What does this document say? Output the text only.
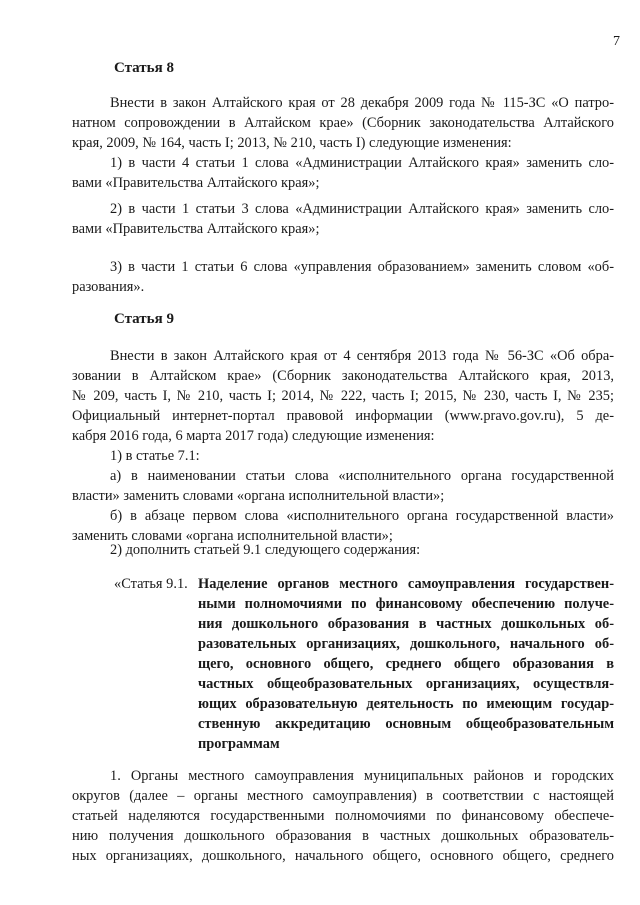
7
Статья 8
Внести в закон Алтайского края от 28 декабря 2009 года № 115-ЗС «О патро-
натном сопровождении в Алтайском крае» (Сборник законодательства Алтайского
края, 2009, № 164, часть I; 2013, № 210, часть I) следующие изменения:
1) в части 4 статьи 1 слова «Администрации Алтайского края» заменить сло-
вами «Правительства Алтайского края»;
2) в части 1 статьи 3 слова «Администрации Алтайского края» заменить сло-
вами «Правительства Алтайского края»;
3) в части 1 статьи 6 слова «управления образованием» заменить словом «об-
разования».
Статья 9
Внести в закон Алтайского края от 4 сентября 2013 года № 56-ЗС «Об обра-
зовании в Алтайском крае» (Сборник законодательства Алтайского края, 2013,
№ 209, часть I, № 210, часть I; 2014, № 222, часть I; 2015, № 230, часть I, № 235;
Официальный интернет-портал правовой информации (www.pravo.gov.ru), 5 де-
кабря 2016 года, 6 марта 2017 года) следующие изменения:
1) в статье 7.1:
а) в наименовании статьи слова «исполнительного органа государственной
власти» заменить словами «органа исполнительной власти»;
б) в абзаце первом слова «исполнительного органа государственной власти»
заменить словами «органа исполнительной власти»;
2) дополнить статьей 9.1 следующего содержания:
«Статья 9.1. Наделение органов местного самоуправления государствен-
ными полномочиями по финансовому обеспечению получе-
ния дошкольного образования в частных дошкольных об-
разовательных организациях, дошкольного, начального об-
щего, основного общего, среднего общего образования в
частных общеобразовательных организациях, осуществля-
ющих образовательную деятельность по имеющим государ-
ственную аккредитацию основным общеобразовательным
программам
1. Органы местного самоуправления муниципальных районов и городских
округов (далее – органы местного самоуправления) в соответствии с настоящей
статьей наделяются государственными полномочиями по финансовому обеспече-
нию получения дошкольного образования в частных дошкольных образователь-
ных организациях, дошкольного, начального общего, основного общего, среднего
